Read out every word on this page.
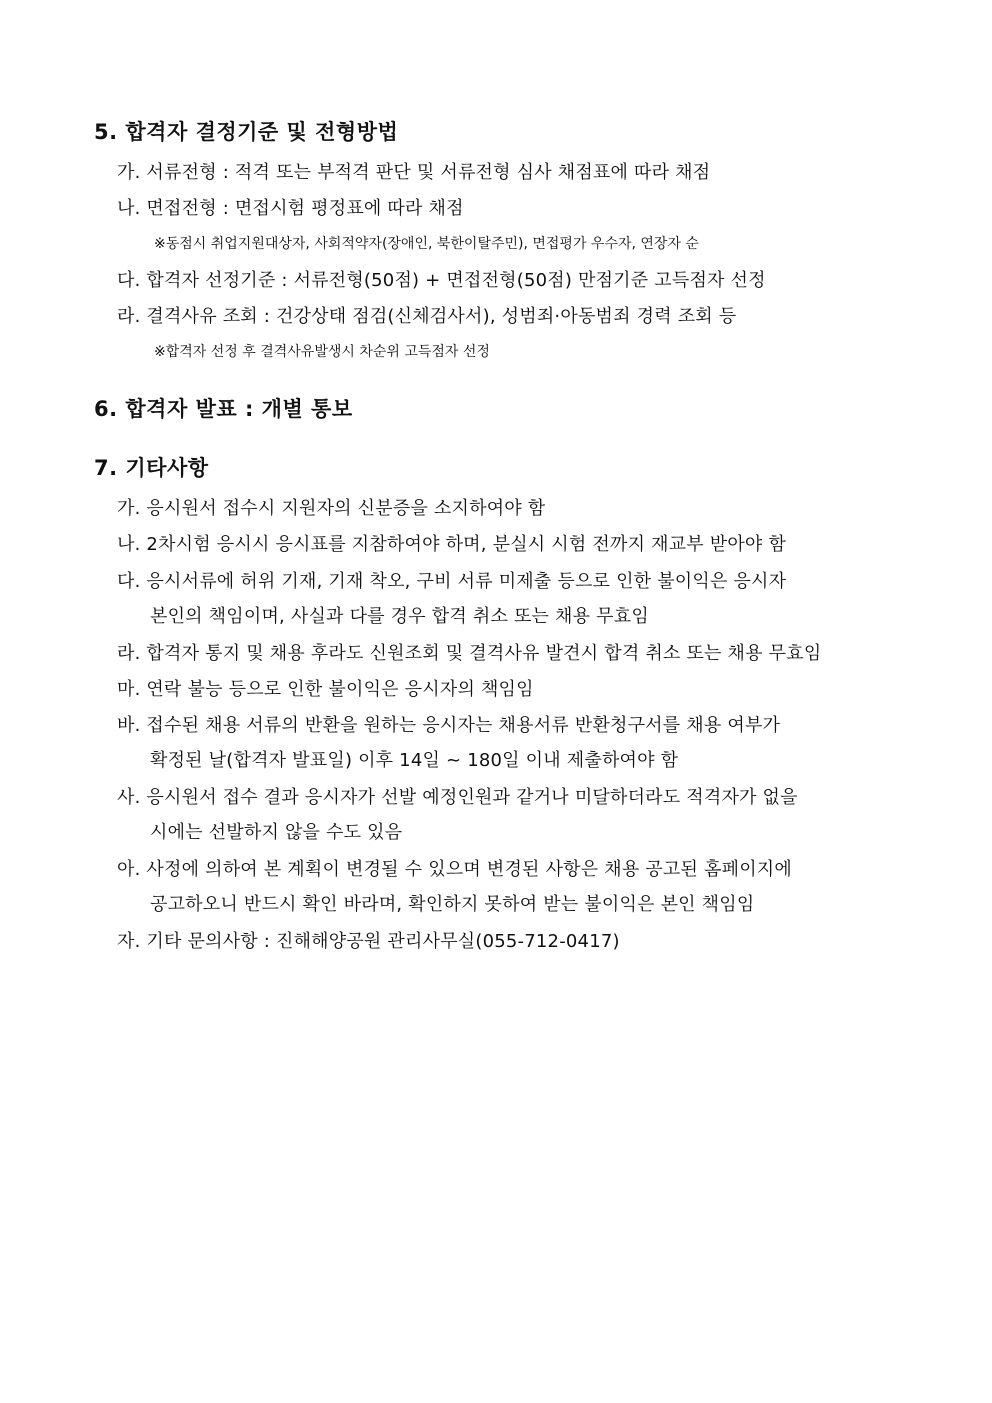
5. 합격자 결정기준 및 전형방법
가. 서류전형 : 적격 또는 부적격 판단 및 서류전형 심사 채점표에 따라 채점
나. 면접전형 : 면접시험 평정표에 따라 채점
※동점시 취업지원대상자, 사회적약자(장애인, 북한이탈주민), 면접평가 우수자, 연장자 순
다. 합격자 선정기준 : 서류전형(50점) + 면접전형(50점) 만점기준 고득점자 선정
라. 결격사유 조회 : 건강상태 점검(신체검사서), 성범죄·아동범죄 경력 조회 등
※합격자 선정 후 결격사유발생시 차순위 고득점자 선정
6. 합격자 발표 : 개별 통보
7. 기타사항
가. 응시원서 접수시 지원자의 신분증을 소지하여야 함
나. 2차시험 응시시 응시표를 지참하여야 하며, 분실시 시험 전까지 재교부 받아야 함
다. 응시서류에 허위 기재, 기재 착오, 구비 서류 미제출 등으로 인한 불이익은 응시자
본인의 책임이며, 사실과 다를 경우 합격 취소 또는 채용 무효임
라. 합격자 통지 및 채용 후라도 신원조회 및 결격사유 발견시 합격 취소 또는 채용 무효임
마. 연락 불능 등으로 인한 불이익은 응시자의 책임임
바. 접수된 채용 서류의 반환을 원하는 응시자는 채용서류 반환청구서를 채용 여부가
확정된 날(합격자 발표일) 이후 14일 ~ 180일 이내 제출하여야 함
사. 응시원서 접수 결과 응시자가 선발 예정인원과 같거나 미달하더라도 적격자가 없을
시에는 선발하지 않을 수도 있음
아. 사정에 의하여 본 계획이 변경될 수 있으며 변경된 사항은 채용 공고된 홈페이지에
공고하오니 반드시 확인 바라며, 확인하지 못하여 받는 불이익은 본인 책임임
자. 기타 문의사항 : 진해해양공원 관리사무실(055-712-0417)
